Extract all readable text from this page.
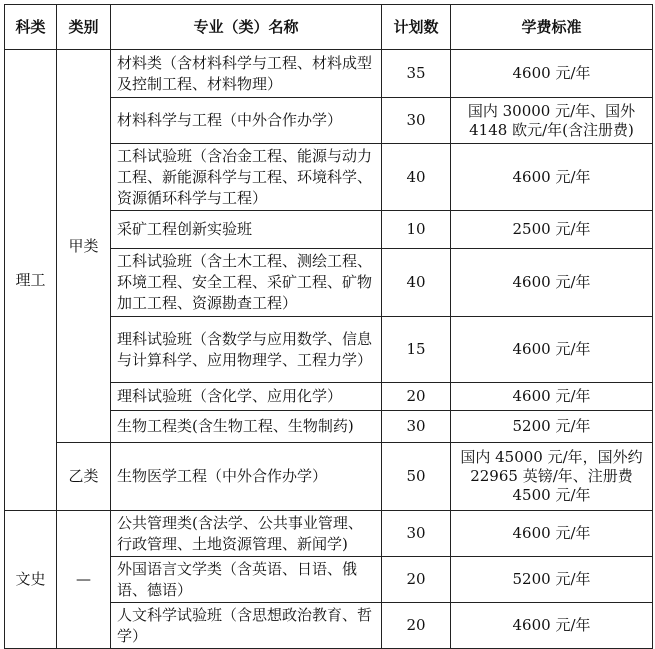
科类	类别	专业（类）名称	计划数	学费标准
理工	甲类	材料类（含材料科学与工程、材料成型及控制工程、材料物理）	35	4600 元/年
		材料科学与工程（中外合作办学）	30	国内 30000 元/年、国外 4148 欧元/年(含注册费)
		工科试验班（含冶金工程、能源与动力工程、新能源科学与工程、环境科学、资源循环科学与工程）	40	4600 元/年
		采矿工程创新实验班	10	2500 元/年
		工科试验班（含土木工程、测绘工程、环境工程、安全工程、采矿工程、矿物加工工程、资源勘查工程）	40	4600 元/年
		理科试验班（含数学与应用数学、信息与计算科学、应用物理学、工程力学）	15	4600 元/年
		理科试验班（含化学、应用化学）	20	4600 元/年
		生物工程类(含生物工程、生物制药)	30	5200 元/年
	乙类	生物医学工程（中外合作办学）	50	国内 45000 元/年，国外约 22965 英镑/年、注册费 4500 元/年
文史	—	公共管理类(含法学、公共事业管理、行政管理、土地资源管理、新闻学)	30	4600 元/年
		外国语言文学类（含英语、日语、俄语、德语）	20	5200 元/年
		人文科学试验班（含思想政治教育、哲学）	20	4600 元/年
